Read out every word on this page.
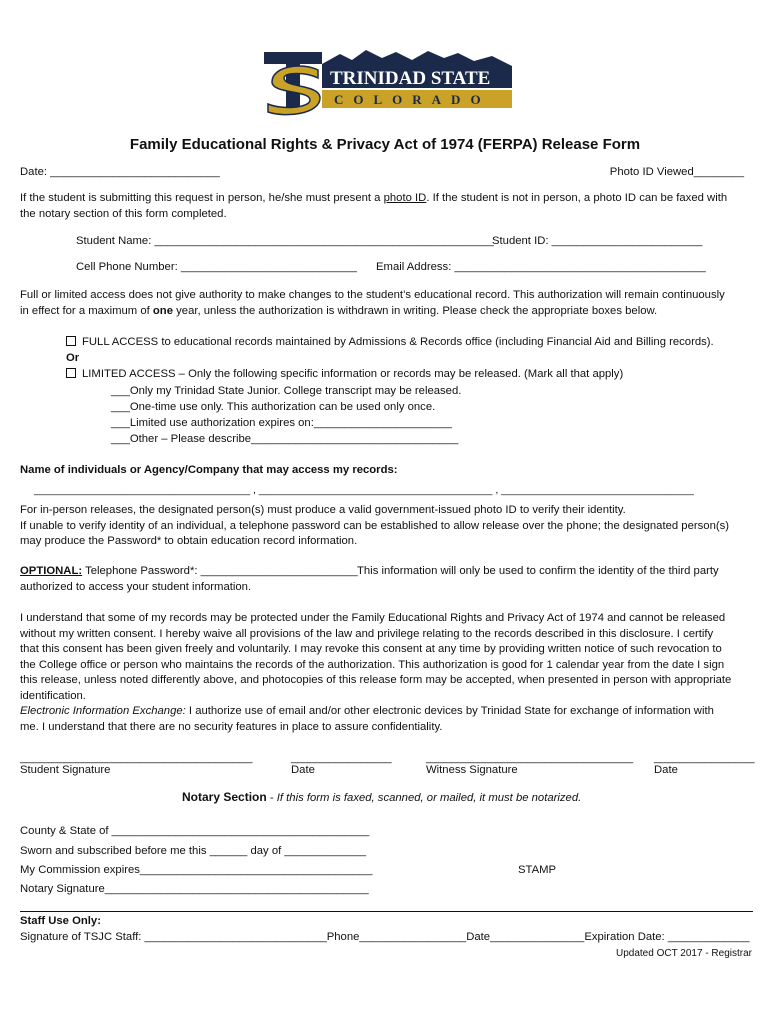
TRINIDAD STATE
COLORADO
Family Educational Rights & Privacy Act of 1974 (FERPA) Release Form
Date: ___________________________	Photo ID Viewed________
If the student is submitting this request in person, he/she must present a photo ID. If the student is not in person, a photo ID can be faxed with
the notary section of this form completed.
Student Name: ______________________________________________________
Student ID: ________________________
Cell Phone Number: ____________________________ Email Address: ________________________________________
Full or limited access does not give authority to make changes to the student’s educational record. This authorization will remain continuously
in effect for a maximum of one year, unless the authorization is withdrawn in writing. Please check the appropriate boxes below.
FULL ACCESS to educational records maintained by Admissions & Records office (including Financial Aid and Billing records).
Or
LIMITED ACCESS – Only the following specific information or records may be released. (Mark all that apply)
___Only my Trinidad State Junior. College transcript may be released.
___One-time use only. This authorization can be used only once.
___Limited use authorization expires on:______________________
___Other – Please describe_________________________________
Name of individuals or Agency/Company that may access my records:
_____________________________________ , ________________________________________ , _________________________________
For in-person releases, the designated person(s) must produce a valid government-issued photo ID to verify their identity.
If unable to verify identity of an individual, a telephone password can be established to allow release over the phone; the designated person(s)
may produce the Password* to obtain education record information.
OPTIONAL: Telephone Password*: _________________________ This information will only be used to confirm the identity of the third party
authorized to access your student information.
I understand that some of my records may be protected under the Family Educational Rights and Privacy Act of 1974 and cannot be released
without my written consent. I hereby waive all provisions of the law and privilege relating to the records described in this disclosure. I certify
that this consent has been given freely and voluntarily. I may revoke this consent at any time by providing written notice of such revocation to
the College office or person who maintains the records of the authorization. This authorization is good for 1 calendar year from the date I sign
this release, unless noted differently above, and photocopies of this release form may be accepted, when presented in person with appropriate
identification.
Electronic Information Exchange: I authorize use of email and/or other electronic devices by Trinidad State for exchange of information with
me. I understand that there are no security features in place to assure confidentiality.
_____________________________________	________________	_________________________________ ________________
Student Signature	Date	Witness Signature	Date
Notary Section - If this form is faxed, scanned, or mailed, it must be notarized.
County & State of _________________________________________
Sworn and subscribed before me this ______ day of _____________
My Commission expires_____________________________________
Notary Signature__________________________________________
STAMP
Staff Use Only:
Signature of TSJC Staff: _____________________________Phone_________________Date_______________Expiration Date: _____________
Updated OCT 2017 - Registrar
